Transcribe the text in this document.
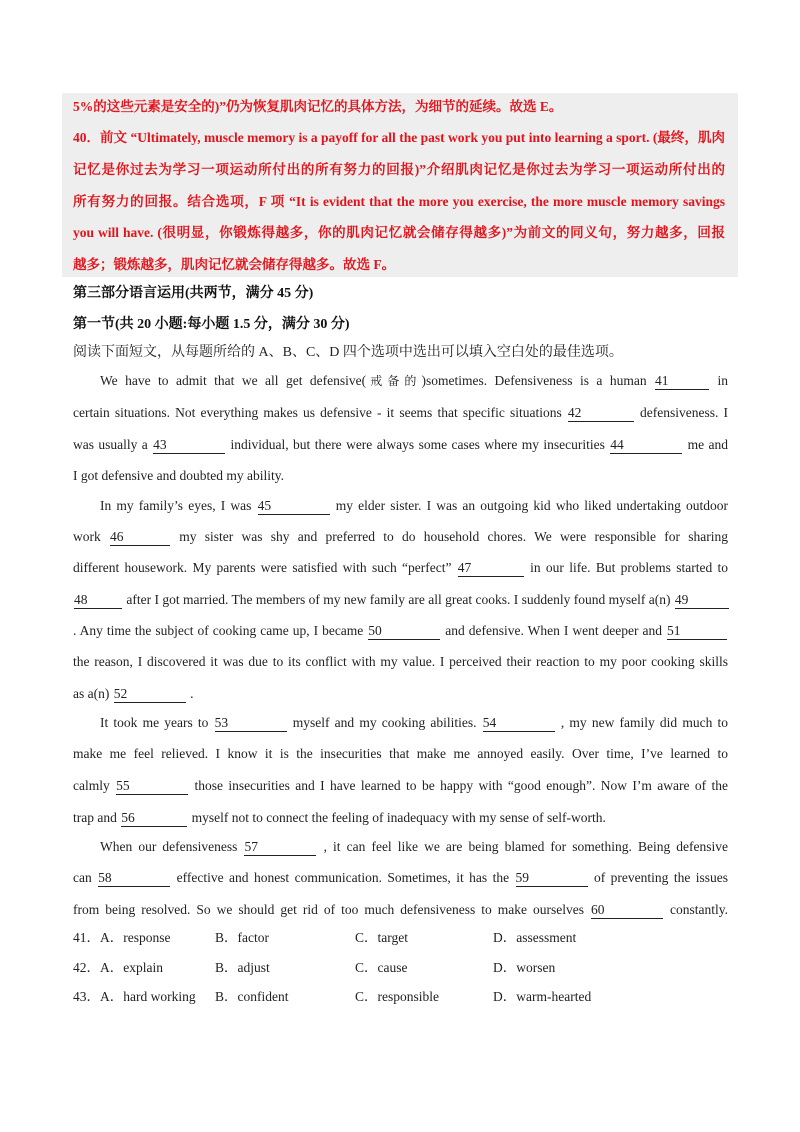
5%的这些元素是安全的)”仍为恢复肌肉记忆的具体方法，为细节的延续。故选 E。

40．前文 “Ultimately, muscle memory is a payoff for all the past work you put into learning a sport. (最终，肌肉

记忆是你过去为学习一项运动所付出的所有努力的回报)”介绍肌肉记忆是你过去为学习一项运动所付出的

所有努力的回报。结合选项，F 项 “It is evident that the more you exercise, the more muscle memory savings

you will have. (很明显，你锻炼得越多，你的肌肉记忆就会储存得越多)”为前文的同义句，努力越多，回报

越多；锻炼越多，肌肉记忆就会储存得越多。故选 F。

第三部分语言运用(共两节，满分 45 分)

第一节(共 20 小题:每小题 1.5 分，满分 30 分)

阅读下面短文，从每题所给的 A、B、C、D 四个选项中选出可以填入空白处的最佳选项。

We have to admit that we all get defensive(戒备的)sometimes. Defensiveness is a human 41	in

certain situations. Not everything makes us defensive - it seems that specific situations 42	defensiveness. I

was usually a 43	individual, but there were always some cases where my insecurities 44	me and

I got defensive and doubted my ability.

In my family’s eyes, I was 45	my elder sister. I was an outgoing kid who liked undertaking outdoor

work 46	my sister was shy and preferred to do household chores. We were responsible for sharing

different housework. My parents were satisfied with such “perfect” 47	in our life. But problems started to

48	after I got married. The members of my new family are all great cooks. I suddenly found myself a(n) 49

. Any time the subject of cooking came up, I became 50	and defensive. When I went deeper and 51

the reason, I discovered it was due to its conflict with my value. I perceived their reaction to my poor cooking skills

as a(n) 52	.

It took me years to 53	myself and my cooking abilities. 54	, my new family did much to

make me feel relieved. I know it is the insecurities that make me annoyed easily. Over time, I’ve learned to

calmly 55	those insecurities and I have learned to be happy with “good enough”. Now I’m aware of the

trap and 56	myself not to connect the feeling of inadequacy with my sense of self-worth.

When our defensiveness 57	, it can feel like we are being blamed for something. Being defensive

can 58	effective and honest communication. Sometimes, it has the 59	of preventing the issues

from being resolved. So we should get rid of too much defensiveness to make ourselves 60	constantly.

41．A．response	B．factor	C．target	D．assessment
42．A．explain	B．adjust	C．cause	D．worsen
43．A．hard working B．confident	C．responsible	D．warm-hearted
